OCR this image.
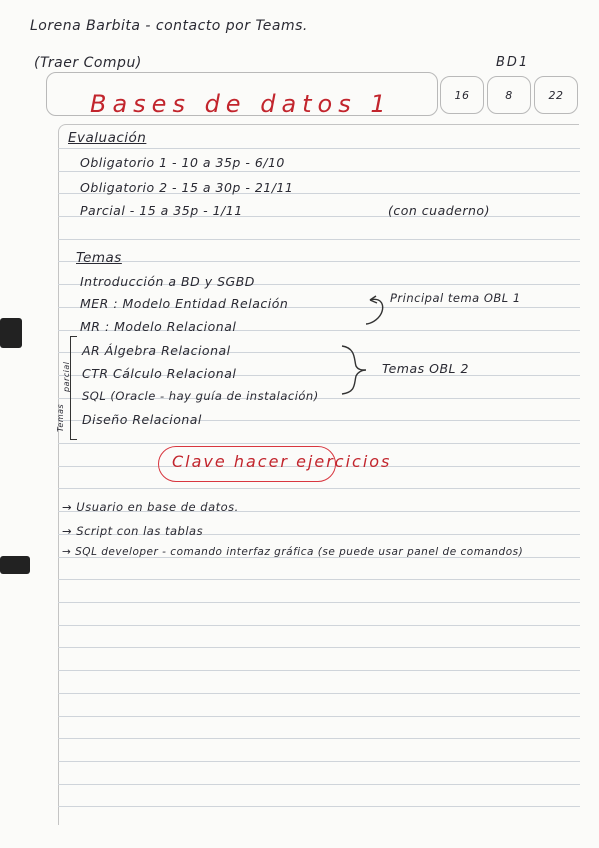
Lorena Barbita - contacto por Teams.
(Traer Compu)	BD1
Bases de datos 1	16	8	22
Evaluación
Obligatorio 1 - 10 a 35p - 6/10
Obligatorio 2 - 15 a 30p - 21/11
Parcial - 15 a 35p - 1/11	(con cuaderno)
Temas
Introducción a BD y SGBD
MER : Modelo Entidad Relación
MR : Modelo Relacional
AR Álgebra Relacional
CTR Cálculo Relacional
SQL (Oracle - hay guía de instalación)
Diseño Relacional
Temas
parcial
Principal tema OBL 1
Temas OBL 2
Clave hacer ejercicios
→ Usuario en base de datos.
→ Script con las tablas
→ SQL developer - comando interfaz gráfica (se puede usar panel de comandos)
